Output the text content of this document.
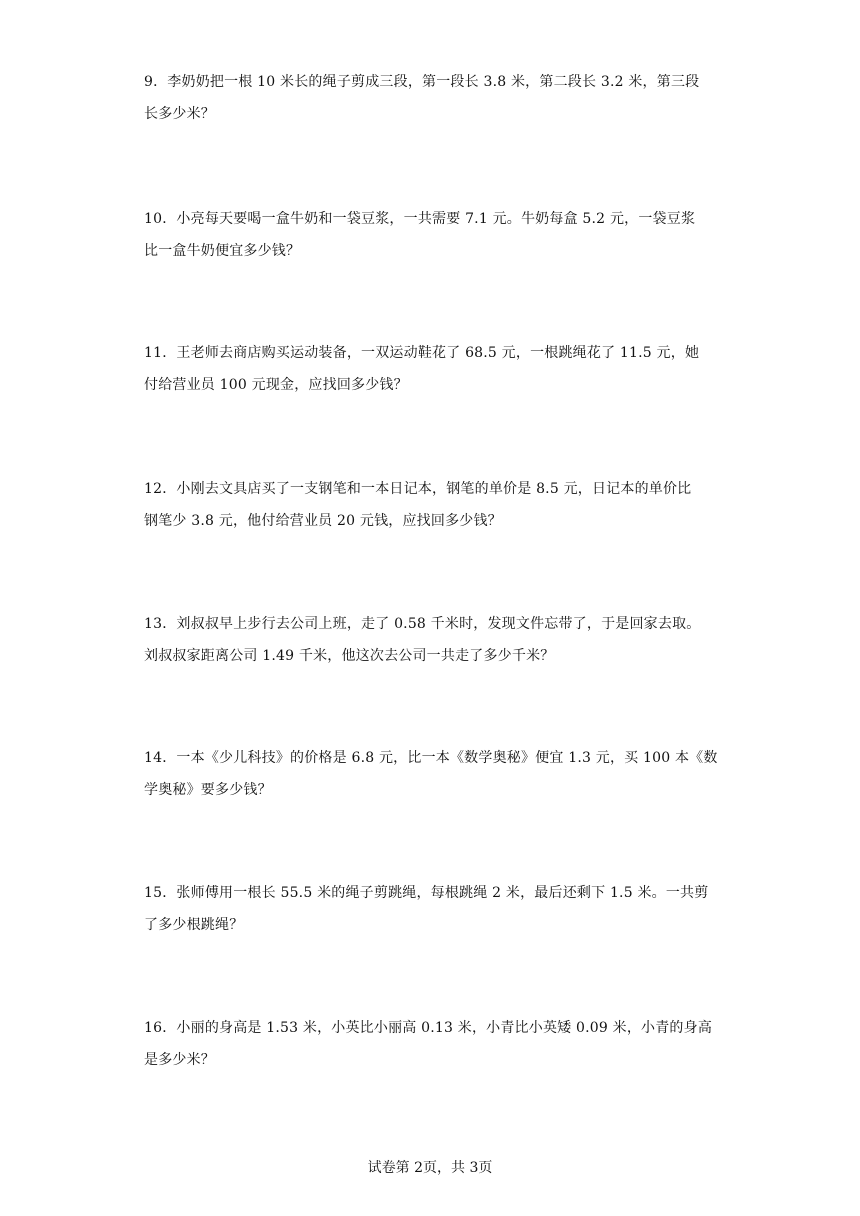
9．李奶奶把一根 10 米长的绳子剪成三段，第一段长 3.8 米，第二段长 3.2 米，第三段
长多少米？
10．小亮每天要喝一盒牛奶和一袋豆浆，一共需要 7.1 元。牛奶每盒 5.2 元，一袋豆浆
比一盒牛奶便宜多少钱？
11．王老师去商店购买运动装备，一双运动鞋花了 68.5 元，一根跳绳花了 11.5 元，她
付给营业员 100 元现金，应找回多少钱？
12．小刚去文具店买了一支钢笔和一本日记本，钢笔的单价是 8.5 元，日记本的单价比
钢笔少 3.8 元，他付给营业员 20 元钱，应找回多少钱？
13．刘叔叔早上步行去公司上班，走了 0.58 千米时，发现文件忘带了，于是回家去取。
刘叔叔家距离公司 1.49 千米，他这次去公司一共走了多少千米？
14．一本《少儿科技》的价格是 6.8 元，比一本《数学奥秘》便宜 1.3 元，买 100 本《数
学奥秘》要多少钱？
15．张师傅用一根长 55.5 米的绳子剪跳绳，每根跳绳 2 米，最后还剩下 1.5 米。一共剪
了多少根跳绳？
16．小丽的身高是 1.53 米，小英比小丽高 0.13 米，小青比小英矮 0.09 米，小青的身高
是多少米？
试卷第 2页，共 3页
